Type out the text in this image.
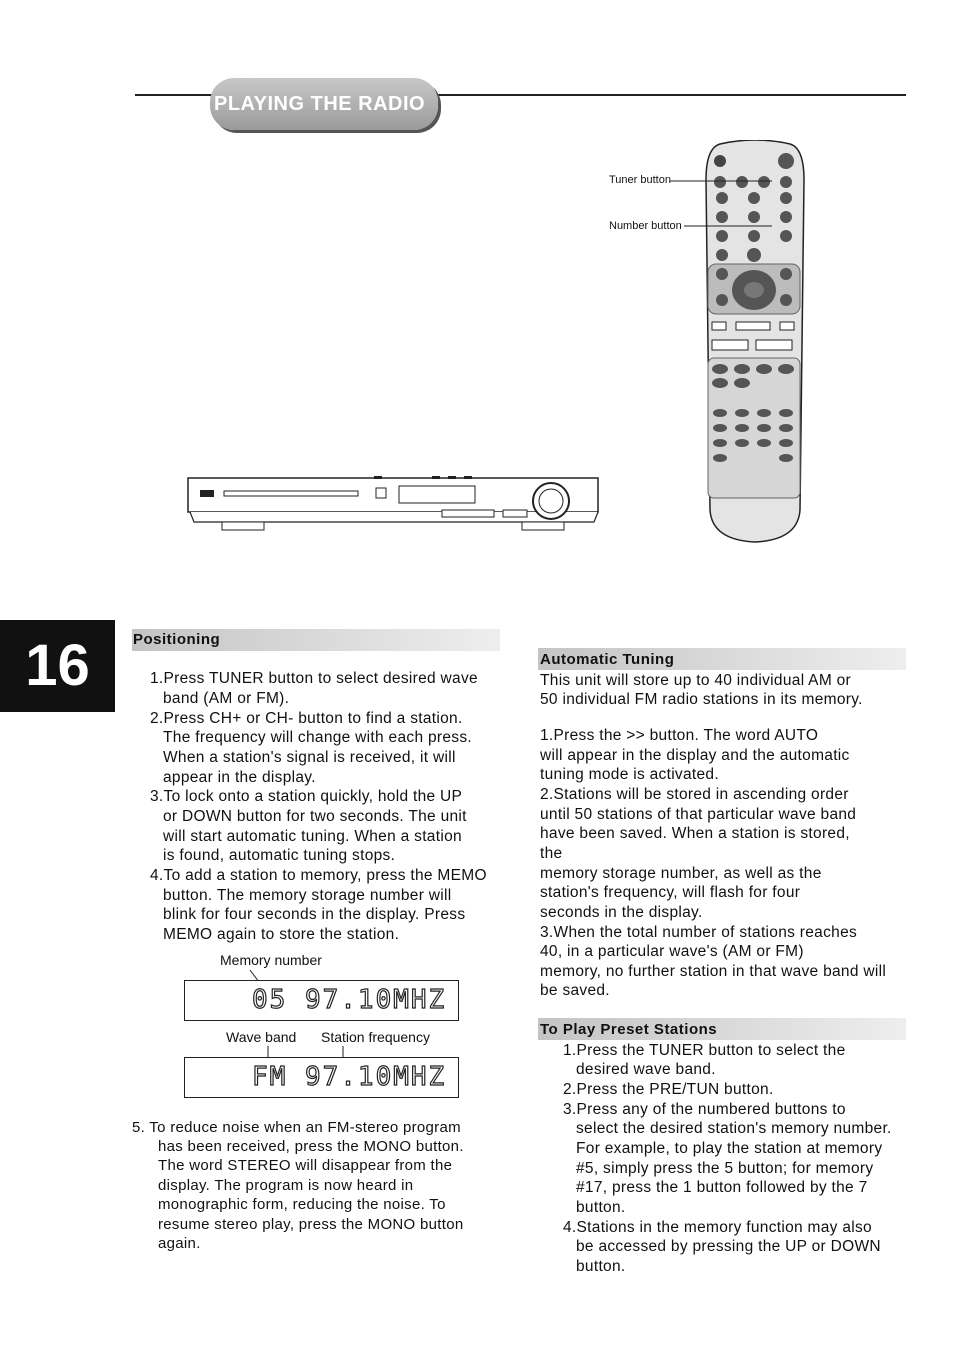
PLAYING THE RADIO
Tuner button
Number button
16	Positioning
1.Press TUNER button to select desired wave
band (AM or FM).
2.Press CH+ or CH- button to find a station.
The frequency will change with each press.
When a station's signal is received, it will
appear in the display.
3.To lock onto a station quickly, hold the UP
or DOWN button for two seconds. The unit
will start automatic tuning. When a station
is found, automatic tuning stops.
4.To add a station to memory, press the MEMO
button. The memory storage number will
blink for four seconds in the display. Press
MEMO again to store the station.
Memory number
05 97.10MHZ
Wave band Station frequency
FM 97.10MHZ
5. To reduce noise when an FM-stereo program
has been received, press the MONO button.
The word STEREO will disappear from the
display. The program is now heard in
monographic form, reducing the noise. To
resume stereo play, press the MONO button
again.
Automatic Tuning
This unit will store up to 40 individual AM or
50 individual FM radio stations in its memory.
1.Press the >> button. The word AUTO
will appear in the display and the automatic
tuning mode is activated.
2.Stations will be stored in ascending order
until 50 stations of that particular wave band
have been saved. When a station is stored,
the
memory storage number, as well as the
station's frequency, will flash for four
seconds in the display.
3.When the total number of stations reaches
40, in a particular wave's (AM or FM)
memory, no further station in that wave band will
be saved.
To Play Preset Stations
1.Press the TUNER button to select the
desired wave band.
2.Press the PRE/TUN button.
3.Press any of the numbered buttons to
select the desired station's memory number.
For example, to play the station at memory
#5, simply press the 5 button; for memory
#17, press the 1 button followed by the 7
button.
4.Stations in the memory function may also
be accessed by pressing the UP or DOWN
button.
